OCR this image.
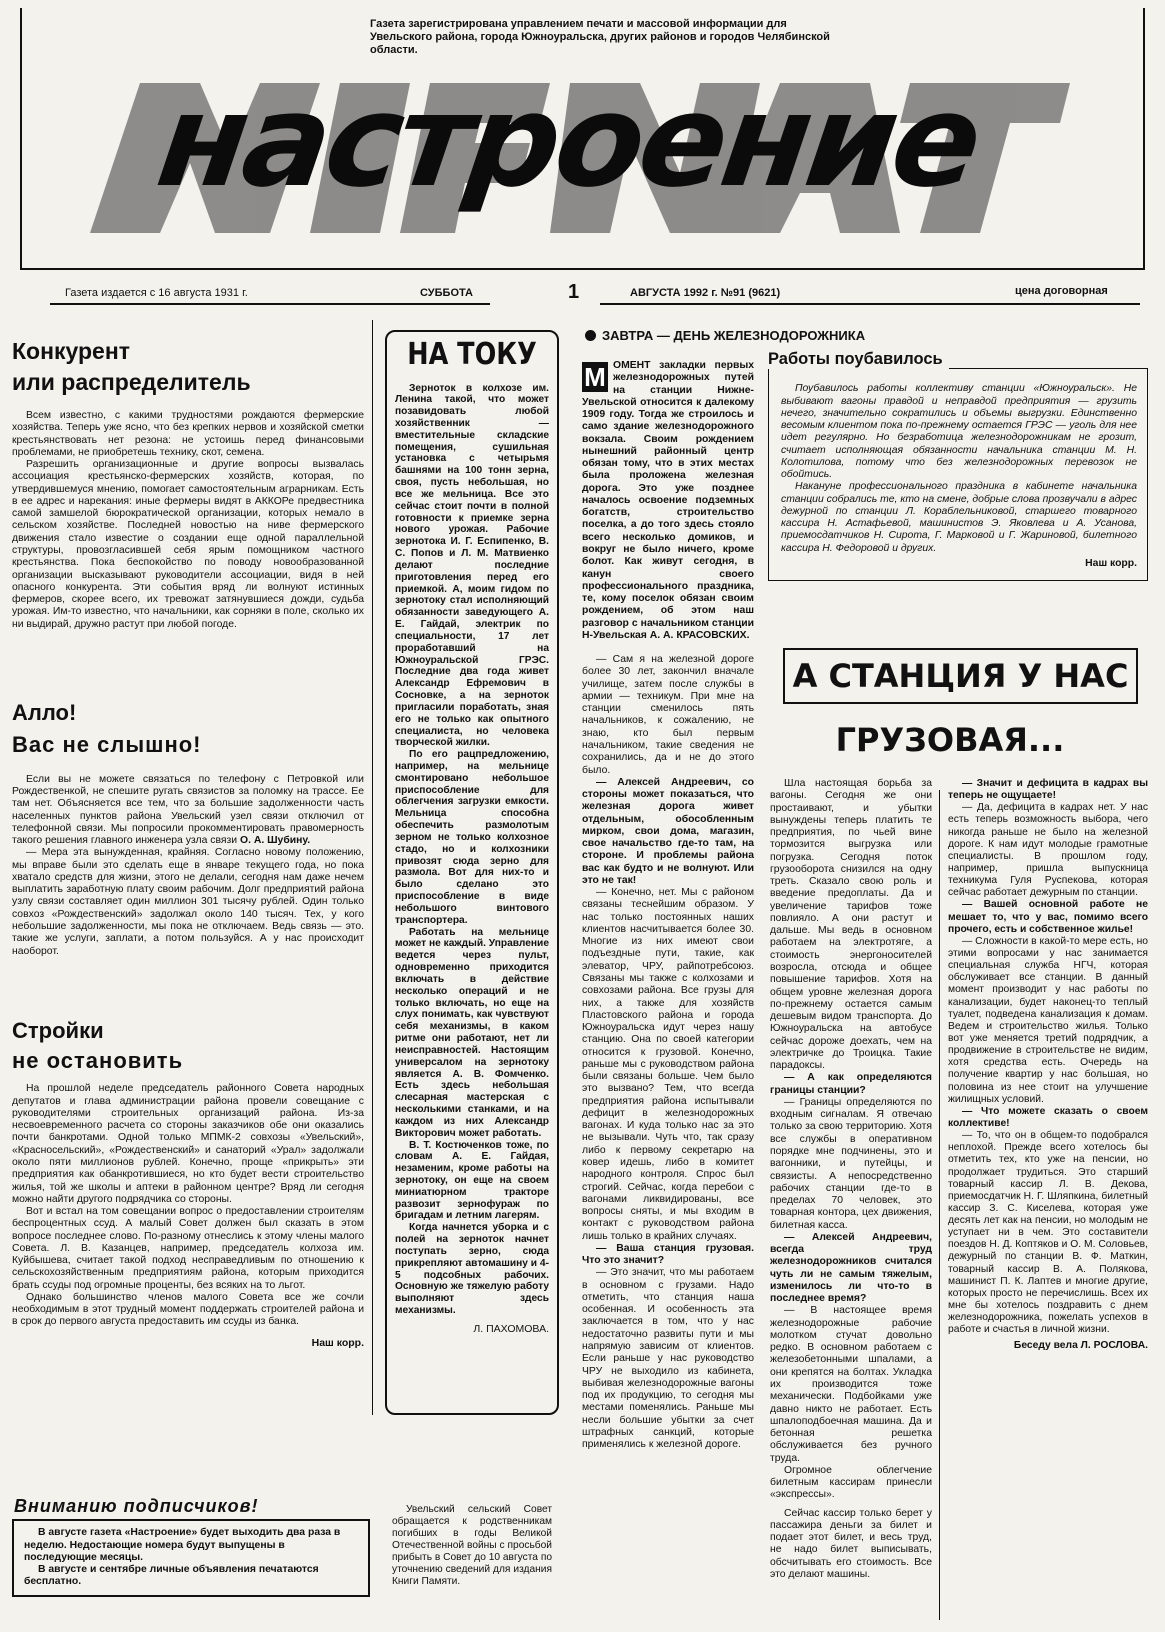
Газета зарегистрирована управлением печати и массовой информации для Увельского района, города Южноуральска, других районов и городов Челябинской области.
настроение
Газета издается с 16 августа 1931 г.	СУББОТА	1	АВГУСТА 1992 г. №91 (9621)	цена договорная
Конкурент
или распределитель

Всем известно, с какими трудностями рождаются фермерские хозяйства. Теперь уже ясно, что без крепких нервов и хозяйской сметки крестьянствовать нет резона: не устоишь перед финансовыми проблемами, не приобретешь технику, скот, семена.

Разрешить организационные и другие вопросы вызвалась ассоциация крестьянско-фермерских хозяйств, которая, по утвердившемуся мнению, помогает самостоятельным аграрникам. Есть в ее адрес и нарекания: иные фермеры видят в АККОРе предвестника самой замшелой бюрократической организации, которых немало в сельском хозяйстве. Последней новостью на ниве фермерского движения стало известие о создании еще одной параллельной структуры, провозгласившей себя ярым помощником частного крестьянства. Пока беспокойство по поводу новообразованной организации высказывают руководители ассоциации, видя в ней опасного конкурента. Эти события вряд ли волнуют истинных фермеров, скорее всего, их тревожат затянувшиеся дожди, судьба урожая. Им-то известно, что начальники, как сорняки в поле, сколько их ни выдирай, дружно растут при любой погоде.

Алло!
Вас не слышно!

Если вы не можете связаться по телефону с Петровкой или Рождественкой, не спешите ругать связистов за поломку на трассе. Ее там нет. Объясняется все тем, что за большие задолженности часть населенных пунктов района Увельский узел связи отключил от телефонной связи. Мы попросили прокомментировать правомерность такого решения главного инженера узла связи О. А. Шубину.

— Мера эта вынужденная, крайняя. Согласно новому положению, мы вправе были это сделать еще в январе текущего года, но пока хватало средств для жизни, этого не делали, сегодня нам даже нечем выплатить заработную плату своим рабочим. Долг предприятий района узлу связи составляет один миллион 301 тысячу рублей. Один только совхоз «Рождественский» задолжал около 140 тысяч. Тех, у кого небольшие задолженности, мы пока не отключаем. Ведь связь — это. такие же услуги, заплати, а потом пользуйся. А у нас происходит наоборот.

Стройки
не остановить

На прошлой неделе председатель районного Совета народных депутатов и глава администрации района провели совещание с руководителями строительных организаций района. Из-за несвоевременного расчета со стороны заказчиков обе они оказались почти банкротами. Одной только МПМК-2 совхозы «Увельский», «Красносельский», «Рождественский» и санаторий «Урал» задолжали около пяти миллионов рублей. Конечно, проще «прикрыть» эти предприятия как обанкротившиеся, но кто будет вести строительство жилья, той же школы и аптеки в районном центре? Вряд ли сегодня можно найти другого подрядчика со стороны.

Вот и встал на том совещании вопрос о предоставлении строителям беспроцентных ссуд. А малый Совет должен был сказать в этом вопросе последнее слово. По-разному отнеслись к этому члены малого Совета. Л. В. Казанцев, например, председатель колхоза им. Куйбышева, считает такой подход несправедливым по отношению к сельскохозяйственным предприятиям района, которым приходится брать ссуды под огромные проценты, без всяких на то льгот.

Однако большинство членов малого Совета все же сочли необходимым в этот трудный момент поддержать строителей района и в срок до первого августа предоставить им ссуды из банка.

Наш корр.
Вниманию подписчиков!

В августе газета «Настроение» будет выходить два раза в неделю. Недостающие номера будут выпущены в последующие месяцы.

В августе и сентябре личные объявления печатаются бесплатно.

НА ТОКУ

Зерноток в колхозе им. Ленина такой, что может позавидовать любой хозяйственник — вместительные складские помещения, сушильная установка с четырьмя башнями на 100 тонн зерна, своя, пусть небольшая, но все же мельница. Все это сейчас стоит почти в полной готовности к приемке зерна нового урожая. Рабочие зернотока И. Г. Еспипенко, В. С. Попов и Л. М. Матвиенко делают последние приготовления перед его приемкой. А, моим гидом по зернотоку стал исполняющий обязанности заведующего А. Е. Гайдай, электрик по специальности, 17 лет проработавший на Южноуральской ГРЭС. Последние два года живет Александр Ефремович в Сосновке, а на зерноток пригласили поработать, зная его не только как опытного специалиста, но человека творческой жилки.

По его рацпредложению, например, на мельнице смонтировано небольшое приспособление для облегчения загрузки емкости. Мельница способна обеспечить размолотым зерном не только колхозное стадо, но и колхозники привозят сюда зерно для размола. Вот для них-то и было сделано это приспособление в виде небольшого винтового транспортера.

Работать на мельнице может не каждый. Управление ведется через пульт, одновременно приходится включать в действие несколько операций и не только включать, но еще на слух понимать, как чувствуют себя механизмы, в каком ритме они работают, нет ли неисправностей. Настоящим универсалом на зернотоку является А. В. Фомченко. Есть здесь небольшая слесарная мастерская с несколькими станками, и на каждом из них Александр Викторович может работать.

В. Т. Костюченков тоже, по словам А. Е. Гайдая, незаменим, кроме работы на зернотоку, он еще на своем миниатюрном тракторе развозит зернофураж по бригадам и летним лагерям.

Когда начнется уборка и с полей на зерноток начнет поступать зерно, сюда прикрепляют автомашину и 4-5 подсобных рабочих. Основную же тяжелую работу выполняют здесь механизмы.

Л. ПАХОМОВА.

Увельский сельский Совет обращается к родственникам погибших в годы Великой Отечественной войны с просьбой прибыть в Совет до 10 августа по уточнению сведений для издания Книги Памяти.

ЗАВТРА — ДЕНЬ ЖЕЛЕЗНОДОРОЖНИКА
М ОМЕНТ закладки первых железнодорожных путей на станции Нижне-Увельской относится к далекому 1909 году. Тогда же строилось и само здание железнодорожного вокзала. Своим рождением нынешний районный центр обязан тому, что в этих местах была проложена железная дорога. Это уже позднее началось освоение подземных богатств, строительство поселка, а до того здесь стояло всего несколько домиков, и вокруг не было ничего, кроме болот. Как живут сегодня, в канун своего профессионального праздника, те, кому поселок обязан своим рождением, об этом наш разговор с начальником станции Н-Увельская А. А. КРАСОВСКИХ.

— Сам я на железной дороге более 30 лет, закончил вначале училище, затем после службы в армии — техникум. При мне на станции сменилось пять начальников, к сожалению, не знаю, кто был первым начальником, такие сведения не сохранились, да и не до этого было.

— Алексей Андреевич, со стороны может показаться, что железная дорога живет отдельным, обособленным мирком, свои дома, магазин, свое начальство где-то там, на стороне. И проблемы района вас как будто и не волнуют. Или это не так!

— Конечно, нет. Мы с районом связаны теснейшим образом. У нас только постоянных наших клиентов насчитывается более 30. Многие из них имеют свои подъездные пути, такие, как элеватор, ЧРУ, райпотребсоюз. Связаны мы также с колхозами и совхозами района. Все грузы для них, а также для хозяйств Пластовского района и города Южноуральска идут через нашу станцию. Она по своей категории относится к грузовой. Конечно, раньше мы с руководством района были связаны больше. Чем было это вызвано? Тем, что всегда предприятия района испытывали дефицит в железнодорожных вагонах. И куда только нас за это не вызывали. Чуть что, так сразу либо к первому секретарю на ковер идешь, либо в комитет народного контроля. Спрос был строгий. Сейчас, когда перебои с вагонами ликвидированы, все вопросы сняты, и мы входим в контакт с руководством района лишь только в крайних случаях.

— Ваша станция грузовая. Что это значит?

— Это значит, что мы работаем в основном с грузами. Надо отметить, что станция наша особенная. И особенность эта заключается в том, что у нас недостаточно развиты пути и мы напрямую зависим от клиентов. Если раньше у нас руководство ЧРУ не выходило из кабинета, выбивая железнодорожные вагоны под их продукцию, то сегодня мы местами поменялись. Раньше мы несли большие убытки за счет штрафных санкций, которые применялись к железной дороге.

Работы поубавилось

Поубавилось работы коллективу станции «Южноуральск». Не выбивают вагоны правдой и неправдой предприятия — грузить нечего, значительно сократились и объемы выгрузки. Единственно весомым клиентом пока по-прежнему остается ГРЭС — уголь для нее идет регулярно. Но безработица железнодорожникам не грозит, считает исполняющая обязанности начальника станции М. Н. Колотилова, потому что без железнодорожных перевозок не обойтись.

Накануне профессионального праздника в кабинете начальника станции собрались те, кто на смене, добрые слова прозвучали в адрес дежурной по станции Л. Кораблельниковой, старшего товарного кассира Н. Астафьевой, машинистов Э. Яковлева и А. Усанова, приемосдатчиков Н. Сирота, Г. Марковой и Г. Жариновой, билетного кассира Н. Федоровой и других.

Наш корр.
А СТАНЦИЯ У НАС
ГРУЗОВАЯ...

Шла настоящая борьба за вагоны. Сегодня же они простаивают, и убытки вынуждены теперь платить те предприятия, по чьей вине тормозится выгрузка или погрузка. Сегодня поток грузооборота снизился на одну треть. Сказало свою роль и введение предоплаты. Да и увеличение тарифов тоже повлияло. А они растут и дальше. Мы ведь в основном работаем на электротяге, а стоимость энергоносителей возросла, отсюда и общее повышение тарифов. Хотя на общем уровне железная дорога по-прежнему остается самым дешевым видом транспорта. До Южноуральска на автобусе сейчас дороже доехать, чем на электричке до Троицка. Такие парадоксы.

— А как определяются границы станции?

— Границы определяются по входным сигналам. Я отвечаю только за свою территорию. Хотя все службы в оперативном порядке мне подчинены, это и вагонники, и путейцы, и связисты. А непосредственно рабочих станции где-то в пределах 70 человек, это товарная контора, цех движения, билетная касса.

— Алексей Андреевич, всегда труд железнодорожников считался чуть ли не самым тяжелым, изменилось ли что-то в последнее время?

— В настоящее время железнодорожные рабочие молотком стучат довольно редко. В основном работаем с железобетонными шпалами, а они крепятся на болтах. Укладка их производится тоже механически. Подбойками уже давно никто не работает. Есть шпалоподбоечная машина. Да и бетонная решетка обслуживается без ручного труда.

Огромное облегчение билетным кассирам принесли «экспрессы».

Сейчас кассир только берет у пассажира деньги за билет и подает этот билет, и весь труд, не надо билет выписывать, обсчитывать его стоимость. Все это делают машины.

— Значит и дефицита в кадрах вы теперь не ощущаете!

— Да, дефицита в кадрах нет. У нас есть теперь возможность выбора, чего никогда раньше не было на железной дороге. К нам идут молодые грамотные специалисты. В прошлом году, например, пришла выпускница техникума Гуля Руспекова, которая сейчас работает дежурным по станции.

— Вашей основной работе не мешает то, что у вас, помимо всего прочего, есть и собственное жилье!

— Сложности в какой-то мере есть, но этими вопросами у нас занимается специальная служба НГЧ, которая обслуживает все станции. В данный момент производит у нас работы по канализации, будет наконец-то теплый туалет, подведена канализация к домам. Ведем и строительство жилья. Только вот уже меняется третий подрядчик, а продвижение в строительстве не видим, хотя средства есть. Очередь на получение квартир у нас большая, но половина из нее стоит на улучшение жилищных условий.

— Что можете сказать о своем коллективе!

— То, что он в общем-то подобрался неплохой. Прежде всего хотелось бы отметить тех, кто уже на пенсии, но продолжает трудиться. Это старший товарный кассир Л. В. Декова, приемосдатчик Н. Г. Шляпкина, билетный кассир З. С. Киселева, которая уже десять лет как на пенсии, но молодым не уступает ни в чем. Это составители поездов Н. Д. Коптяков и О. М. Соловьев, дежурный по станции В. Ф. Маткин, товарный кассир В. А. Полякова, машинист П. К. Лаптев и многие другие, которых просто не перечислишь. Всех их мне бы хотелось поздравить с днем железнодорожника, пожелать успехов в работе и счастья в личной жизни.

Беседу вела Л. РОСЛОВА.
